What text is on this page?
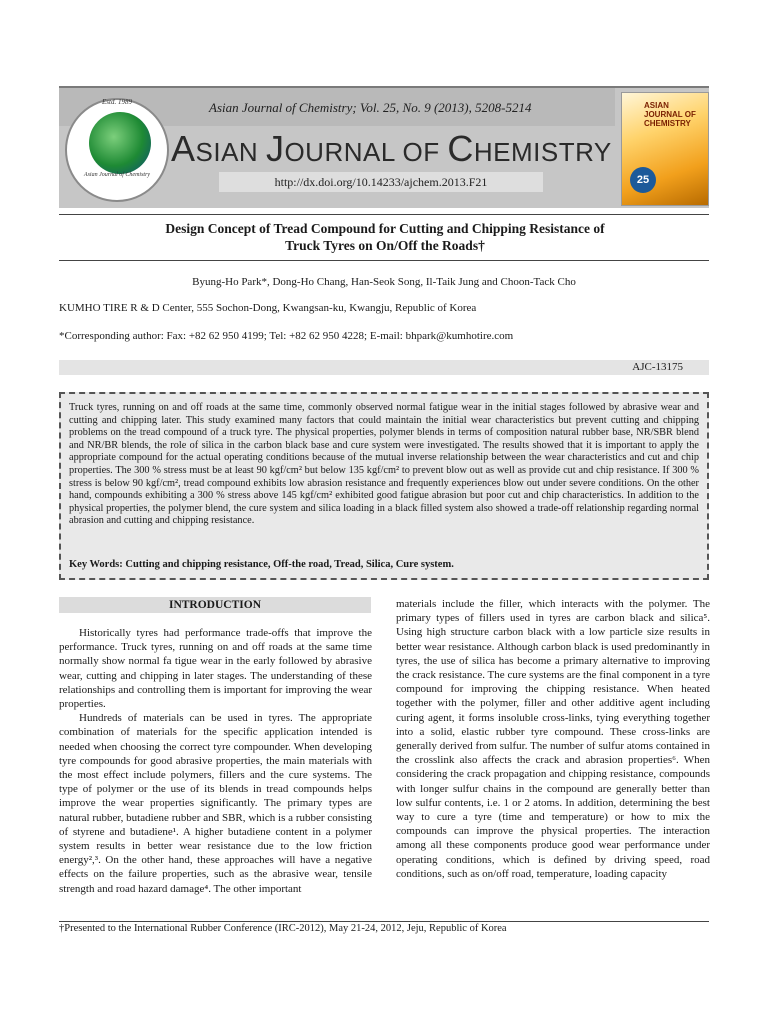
Asian Journal of Chemistry; Vol. 25, No. 9 (2013), 5208-5214
Estd. 1989
Asian Journal of Chemistry
ASIAN JOURNAL OF CHEMISTRY
http://dx.doi.org/10.14233/ajchem.2013.F21
ASIAN JOURNAL OF CHEMISTRY
25
Design Concept of Tread Compound for Cutting and Chipping Resistance of Truck Tyres on On/Off the Roads†
Byung-Ho Park*, Dong-Ho Chang, Han-Seok Song, Il-Taik Jung and Choon-Tack Cho
KUMHO TIRE R & D Center, 555 Sochon-Dong, Kwangsan-ku, Kwangju, Republic of Korea
*Corresponding author: Fax: +82 62 950 4199; Tel: +82 62 950 4228; E-mail: bhpark@kumhotire.com
AJC-13175
Truck tyres, running on and off roads at the same time, commonly observed normal fatigue wear in the initial stages followed by abrasive wear and cutting and chipping later. This study examined many factors that could maintain the initial wear characteristics but prevent cutting and chipping problems on the tread compound of a truck tyre. The physical properties, polymer blends in terms of composition natural rubber base, NR/SBR blend and NR/BR blends, the role of silica in the carbon black base and cure system were investigated. The results showed that it is important to apply the appropriate compound for the actual operating conditions because of the mutual inverse relationship between the wear characteristics and cut and chip properties. The 300 % stress must be at least 90 kgf/cm² but below 135 kgf/cm² to prevent blow out as well as provide cut and chip resistance. If 300 % stress is below 90 kgf/cm², tread compound exhibits low abrasion resistance and frequently experiences blow out under severe conditions. On the other hand, compounds exhibiting a 300 % stress above 145 kgf/cm² exhibited good fatigue abrasion but poor cut and chip characteristics. In addition to the physical properties, the polymer blend, the cure system and silica loading in a black filled system also showed a trade-off relationship regarding normal abrasion and cutting and chipping resistance.
Key Words: Cutting and chipping resistance, Off-the road, Tread, Silica, Cure system.
INTRODUCTION

Historically tyres had performance trade-offs that improve the performance. Truck tyres, running on and off roads at the same time normally show normal fa tigue wear in the early followed by abrasive wear, cutting and chipping in later stages. The understanding of these relationships and controlling them is important for improving the wear properties.

Hundreds of materials can be used in tyres. The appropriate combination of materials for the specific application intended is needed when choosing the correct tyre compounder. When developing tyre compounds for good abrasive properties, the main materials with the most effect include polymers, fillers and the cure systems. The type of polymer or the use of its blends in tread compounds helps improve the wear properties significantly. The primary types are natural rubber, butadiene rubber and SBR, which is a rubber consisting of styrene and butadiene¹. A higher butadiene content in a polymer system results in better wear resistance due to the low friction energy²,³. On the other hand, these approaches will have a negative effects on the failure properties, such as the abrasive wear, tensile strength and road hazard damage⁴. The other important

materials include the filler, which interacts with the polymer. The primary types of fillers used in tyres are carbon black and silica⁵. Using high structure carbon black with a low particle size results in better wear resistance. Although carbon black is used predominantly in tyres, the use of silica has become a primary alternative to improving the crack resistance. The cure systems are the final component in a tyre compound for improving the chipping resistance. When heated together with the polymer, filler and other additive agent including curing agent, it forms insoluble cross-links, tying everything together into a solid, elastic rubber tyre compound. These cross-links are generally derived from sulfur. The number of sulfur atoms contained in the crosslink also affects the crack and abrasion properties⁶. When considering the crack propagation and chipping resistance, compounds with longer sulfur chains in the compound are generally better than low sulfur contents, i.e. 1 or 2 atoms. In addition, determining the best way to cure a tyre (time and temperature) or how to mix the compounds can improve the physical properties. The interaction among all these components produce good wear performance under operating conditions, which is defined by driving speed, road conditions, such as on/off road, temperature, loading capacity

†Presented to the International Rubber Conference (IRC-2012), May 21-24, 2012, Jeju, Republic of Korea
